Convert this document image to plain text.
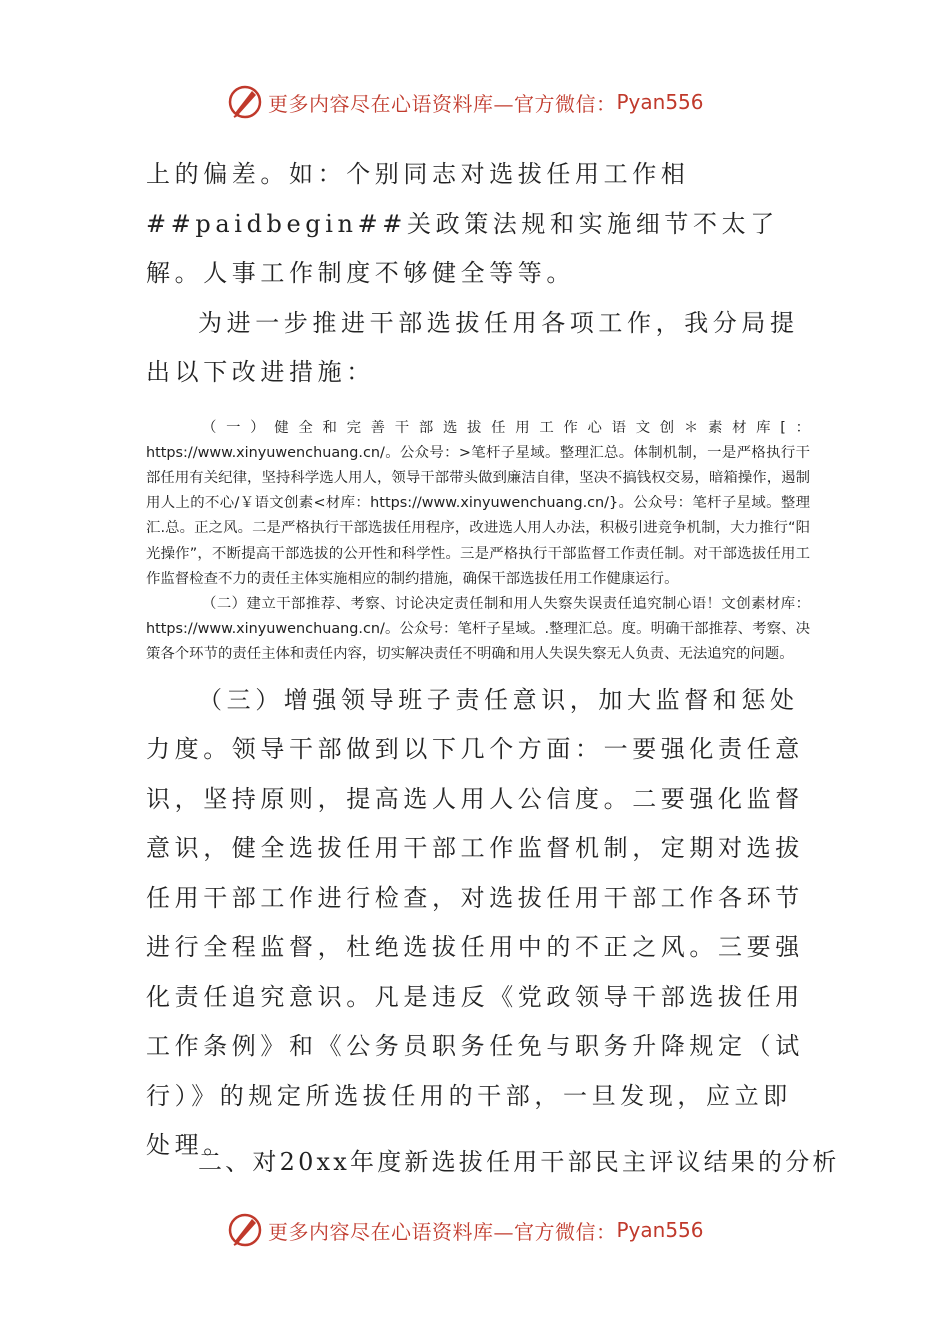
更多内容尽在心语资料库—官方微信： Pyan556

上的偏差。如：个别同志对选拔任用工作相##paidbegin##关政策法规和实施细节不太了解。人事工作制度不够健全等等。

为进一步推进干部选拔任用各项工作，我分局提出以下改进措施：

（一）健全和完善干部选拔任用工作心语文创＊素材库[：https://www.xinyuwenchuang.cn/。公众号：>笔杆子星域。整理汇总。体制机制，一是严格执行干部任用有关纪律，坚持科学选人用人，领导干部带头做到廉洁自律，坚决不搞钱权交易，暗箱操作，遏制用人上的不心/￥语文创素<材库：https://www.xinyuwenchuang.cn/}。公众号：笔杆子星域。整理汇.总。正之风。二是严格执行干部选拔任用程序，改进选人用人办法，积极引进竞争机制，大力推行“阳光操作”，不断提高干部选拔的公开性和科学性。三是严格执行干部监督工作责任制。对干部选拔任用工作监督检查不力的责任主体实施相应的制约措施，确保干部选拔任用工作健康运行。

（二）建立干部推荐、考察、讨论决定责任制和用人失察失误责任追究制心语！文创素材库：https://www.xinyuwenchuang.cn/。公众号：笔杆子星域。.整理汇总。度。明确干部推荐、考察、决策各个环节的责任主体和责任内容，切实解决责任不明确和用人失误失察无人负责、无法追究的问题。

（三）增强领导班子责任意识，加大监督和惩处力度。领导干部做到以下几个方面：一要强化责任意识，坚持原则，提高选人用人公信度。二要强化监督意识，健全选拔任用干部工作监督机制，定期对选拔任用干部工作进行检查，对选拔任用干部工作各环节进行全程监督，杜绝选拔任用中的不正之风。三要强化责任追究意识。凡是违反《党政领导干部选拔任用工作条例》和《公务员职务任免与职务升降规定（试行）》的规定所选拔任用的干部，一旦发现，应立即处理。

二、对20xx年度新选拔任用干部民主评议结果的分析

更多内容尽在心语资料库—官方微信： Pyan556
